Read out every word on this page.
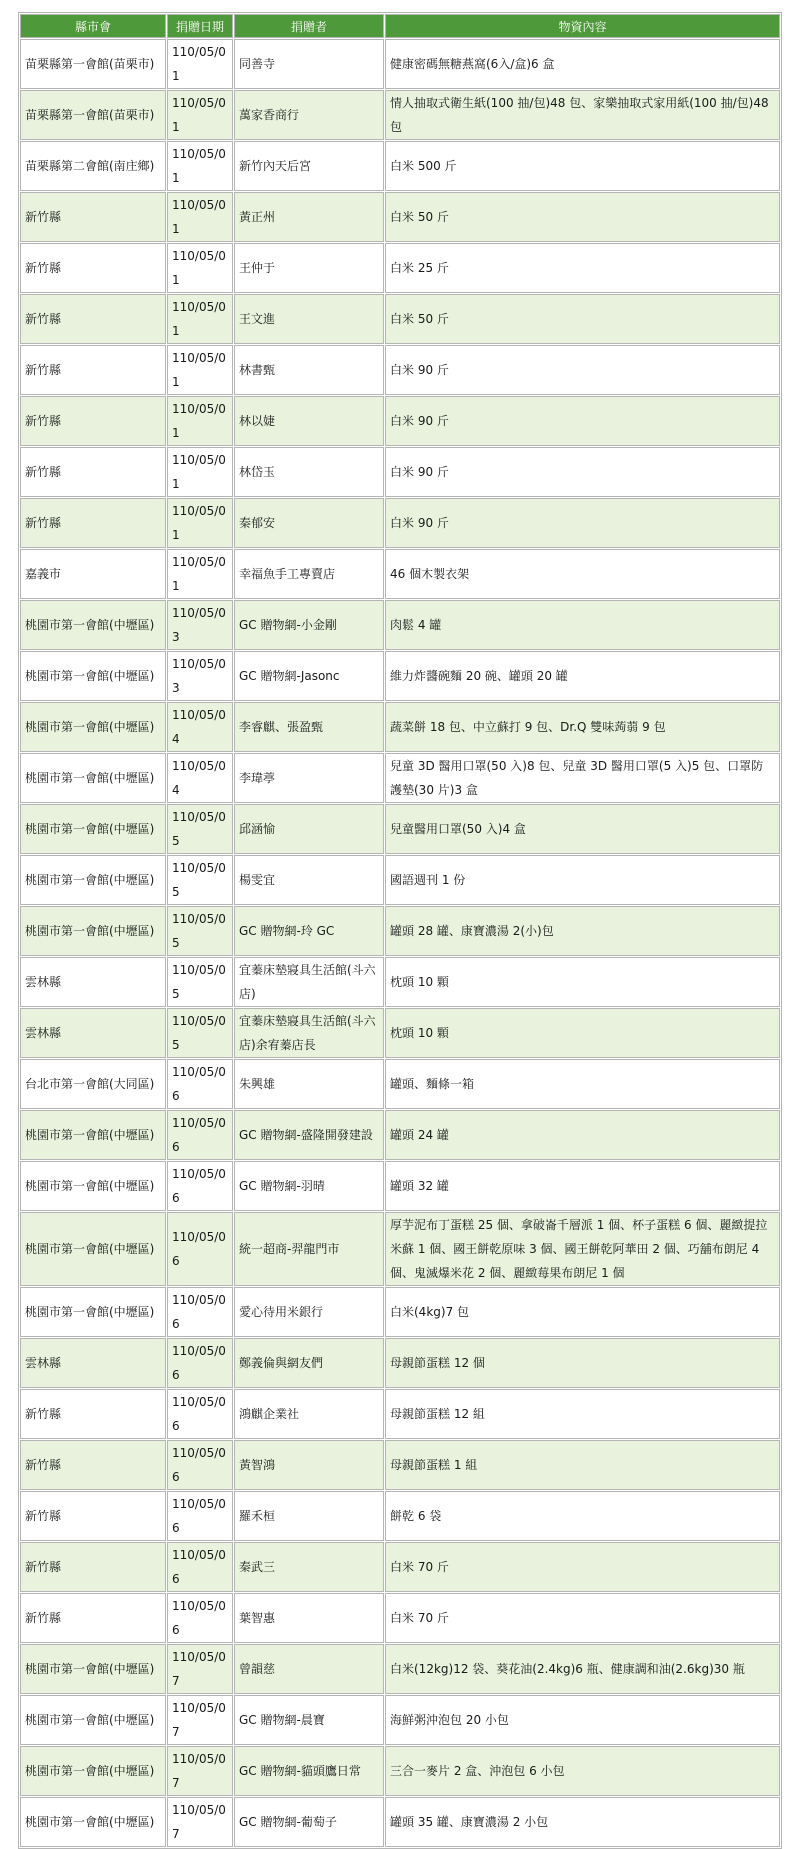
縣市會	捐贈日期	捐贈者	物資內容
苗栗縣第一會館(苗栗市)	110/05/01	同善寺	健康密碼無糖燕窩(6入/盒)6 盒
苗栗縣第一會館(苗栗市)	110/05/01	萬家香商行	情人抽取式衛生紙(100 抽/包)48 包、家樂抽取式家用紙(100 抽/包)48 包
苗栗縣第二會館(南庄鄉)	110/05/01	新竹內天后宮	白米 500 斤
新竹縣	110/05/01	黃正州	白米 50 斤
新竹縣	110/05/01	王仲于	白米 25 斤
新竹縣	110/05/01	王文進	白米 50 斤
新竹縣	110/05/01	林書甄	白米 90 斤
新竹縣	110/05/01	林以婕	白米 90 斤
新竹縣	110/05/01	林岱玉	白米 90 斤
新竹縣	110/05/01	秦郁安	白米 90 斤
嘉義市	110/05/01	幸福魚手工專賣店	46 個木製衣架
桃園市第一會館(中壢區)	110/05/03	GC 贈物網-小金剛	肉鬆 4 罐
桃園市第一會館(中壢區)	110/05/03	GC 贈物網-Jasonc	維力炸醬碗麵 20 碗、罐頭 20 罐
桃園市第一會館(中壢區)	110/05/04	李睿麒、張盈甄	蔬菜餅 18 包、中立蘇打 9 包、Dr.Q 雙味蒟蒻 9 包
桃園市第一會館(中壢區)	110/05/04	李瑋葶	兒童 3D 醫用口罩(50 入)8 包、兒童 3D 醫用口罩(5 入)5 包、口罩防護墊(30 片)3 盒
桃園市第一會館(中壢區)	110/05/05	邱涵愉	兒童醫用口罩(50 入)4 盒
桃園市第一會館(中壢區)	110/05/05	楊雯宜	國語週刊 1 份
桃園市第一會館(中壢區)	110/05/05	GC 贈物網-玲 GC	罐頭 28 罐、康寶濃湯 2(小)包
雲林縣	110/05/05	宜蓁床墊寢具生活館(斗六店)	枕頭 10 顆
雲林縣	110/05/05	宜蓁床墊寢具生活館(斗六店)余宥蓁店長	枕頭 10 顆
台北市第一會館(大同區)	110/05/06	朱興雄	罐頭、麵條一箱
桃園市第一會館(中壢區)	110/05/06	GC 贈物網-盛隆開發建設	罐頭 24 罐
桃園市第一會館(中壢區)	110/05/06	GC 贈物網-羽晴	罐頭 32 罐
桃園市第一會館(中壢區)	110/05/06	統一超商-羿龍門市	厚芋泥布丁蛋糕 25 個、拿破崙千層派 1 個、杯子蛋糕 6 個、麗緻提拉米蘇 1 個、國王餅乾原味 3 個、國王餅乾阿華田 2 個、巧舖布朗尼 4 個、鬼滅爆米花 2 個、麗緻莓果布朗尼 1 個
桃園市第一會館(中壢區)	110/05/06	愛心待用米銀行	白米(4kg)7 包
雲林縣	110/05/06	鄭義倫與網友們	母親節蛋糕 12 個
新竹縣	110/05/06	鴻麒企業社	母親節蛋糕 12 組
新竹縣	110/05/06	黃智鴻	母親節蛋糕 1 組
新竹縣	110/05/06	羅禾桓	餅乾 6 袋
新竹縣	110/05/06	秦武三	白米 70 斤
新竹縣	110/05/06	葉智惠	白米 70 斤
桃園市第一會館(中壢區)	110/05/07	曾韻慈	白米(12kg)12 袋、葵花油(2.4kg)6 瓶、健康調和油(2.6kg)30 瓶
桃園市第一會館(中壢區)	110/05/07	GC 贈物網-晨寶	海鮮粥沖泡包 20 小包
桃園市第一會館(中壢區)	110/05/07	GC 贈物網-貓頭鷹日常	三合一麥片 2 盒、沖泡包 6 小包
桃園市第一會館(中壢區)	110/05/07	GC 贈物網-葡萄子	罐頭 35 罐、康寶濃湯 2 小包
